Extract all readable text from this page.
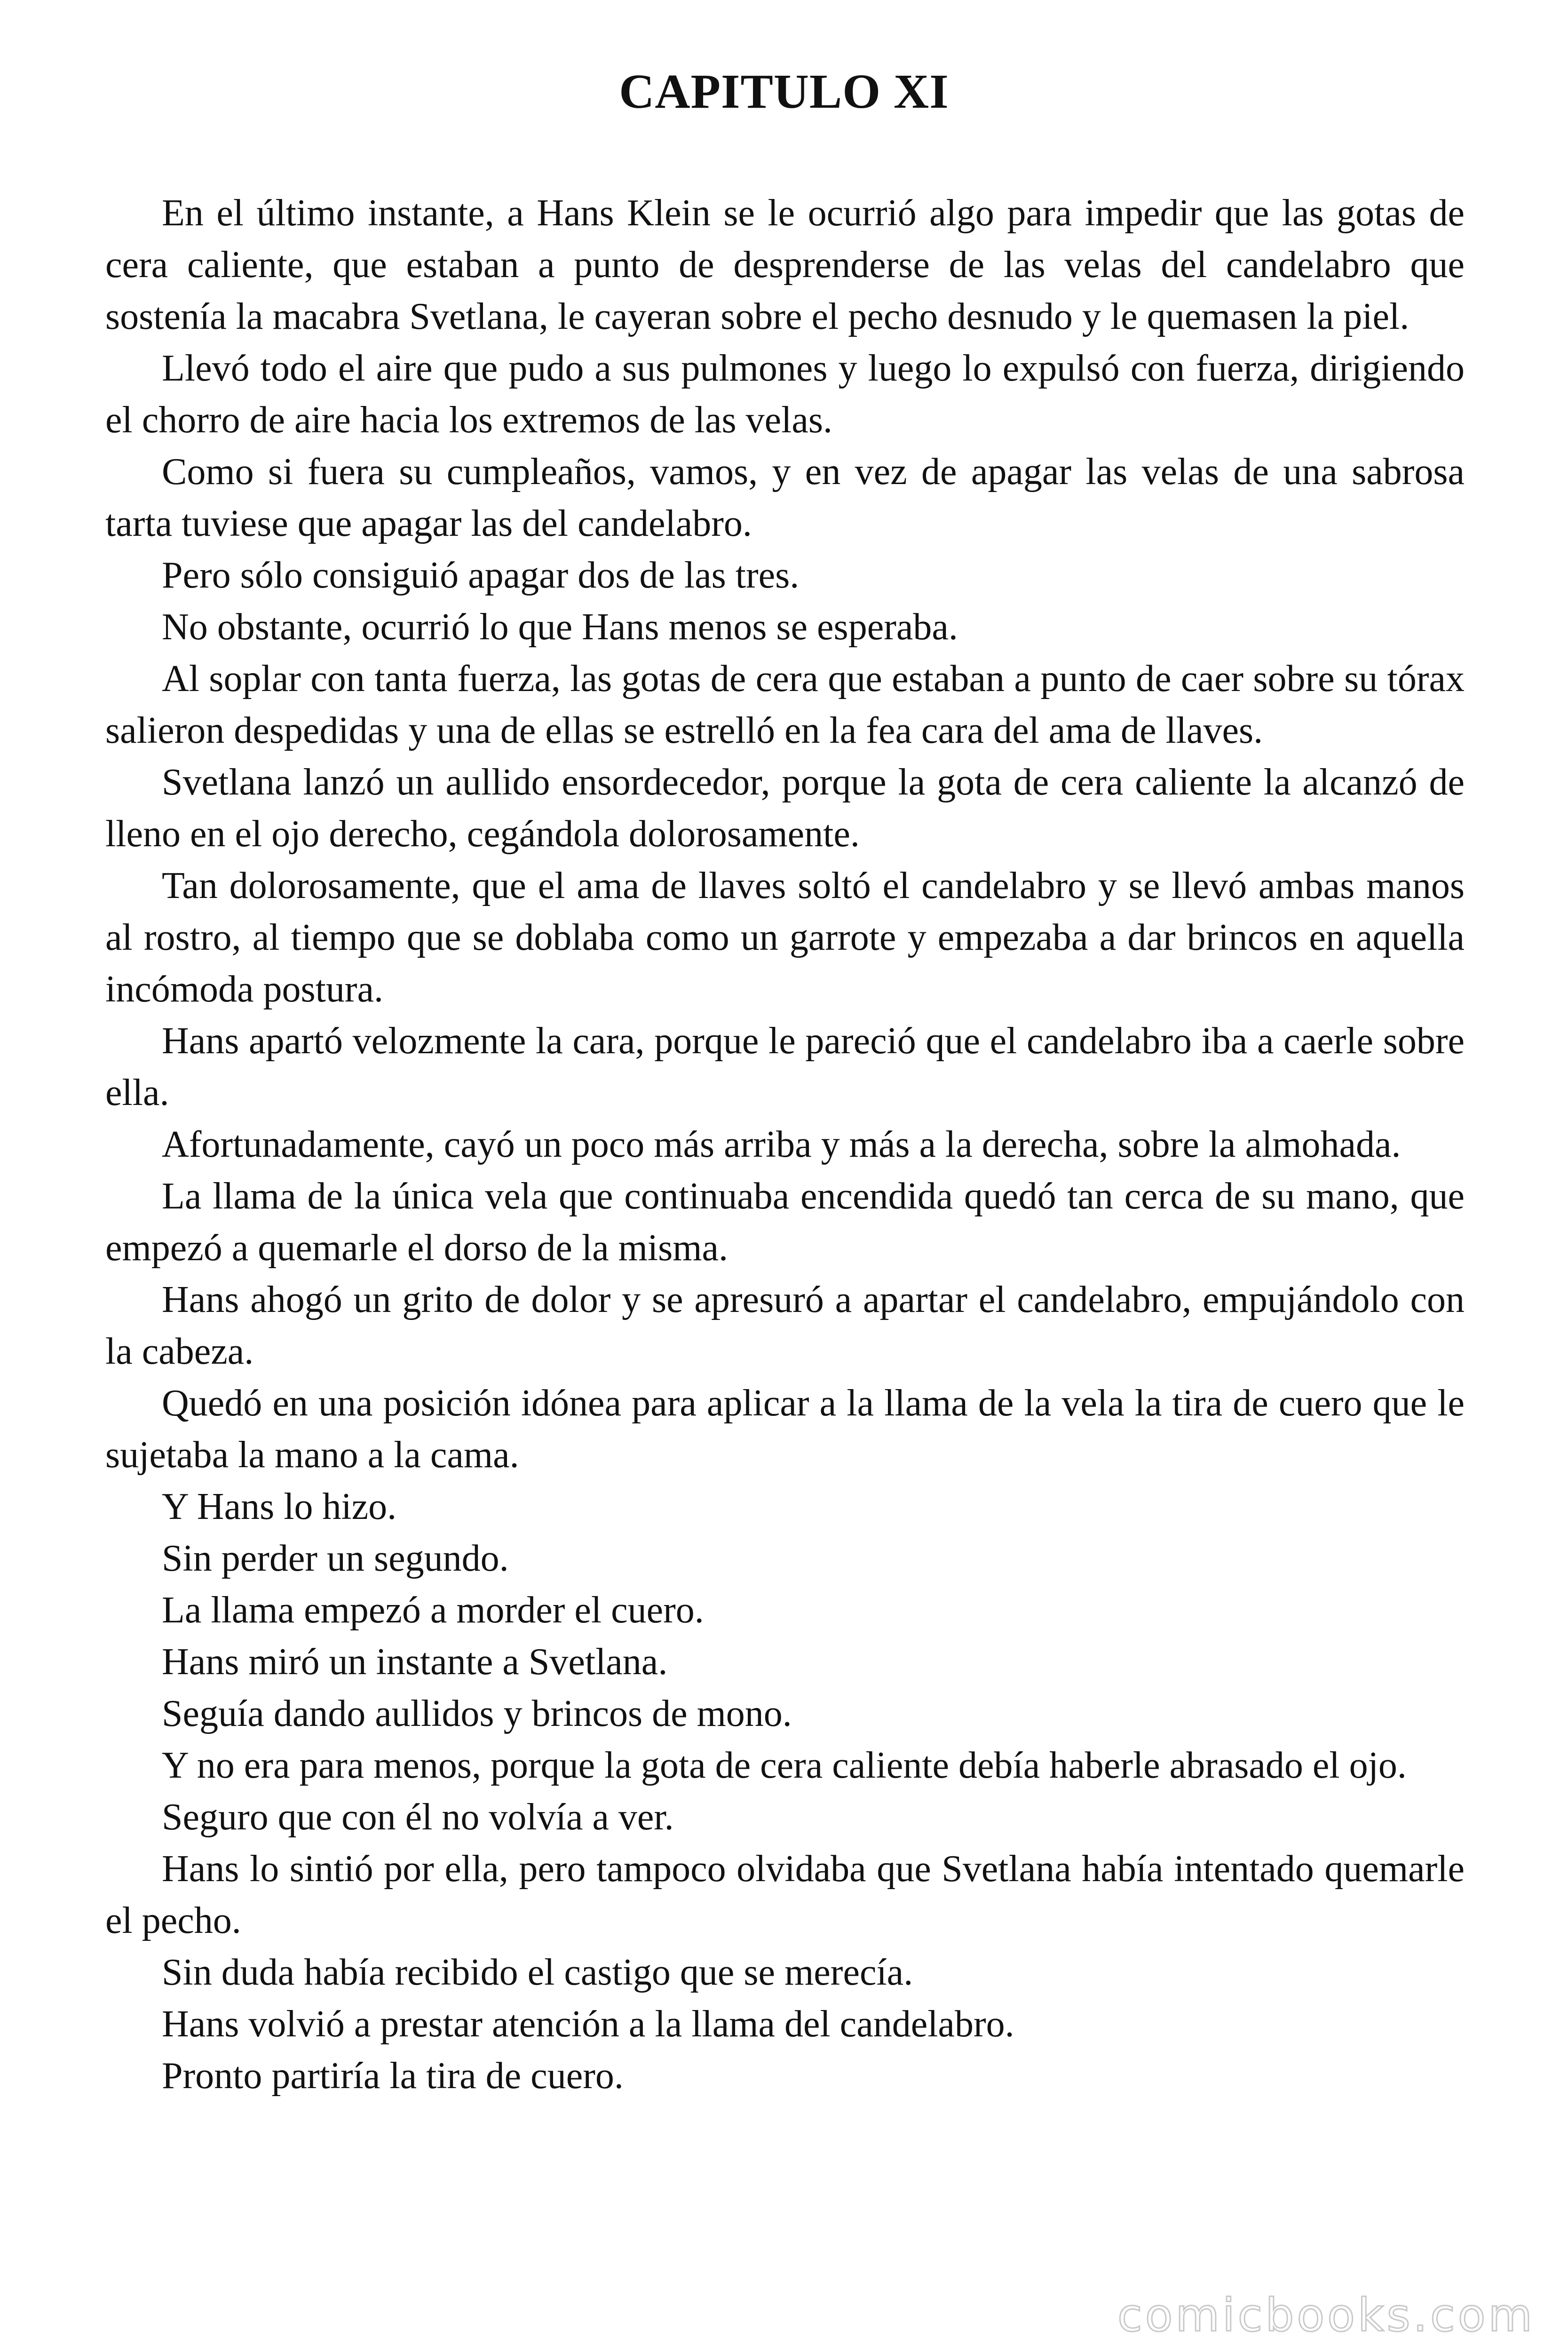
CAPITULO XI

En el último instante, a Hans Klein se le ocurrió algo para impedir que las gotas de cera caliente, que estaban a punto de desprenderse de las velas del candelabro que sostenía la macabra Svetlana, le cayeran sobre el pecho desnudo y le quemasen la piel.

Llevó todo el aire que pudo a sus pulmones y luego lo expulsó con fuerza, dirigiendo el chorro de aire hacia los extremos de las velas.

Como si fuera su cumpleaños, vamos, y en vez de apagar las velas de una sabrosa tarta tuviese que apagar las del candelabro.

Pero sólo consiguió apagar dos de las tres.

No obstante, ocurrió lo que Hans menos se esperaba.

Al soplar con tanta fuerza, las gotas de cera que estaban a punto de caer sobre su tórax salieron despedidas y una de ellas se estrelló en la fea cara del ama de llaves.

Svetlana lanzó un aullido ensordecedor, porque la gota de cera caliente la alcanzó de lleno en el ojo derecho, cegándola dolorosamente.

Tan dolorosamente, que el ama de llaves soltó el candelabro y se llevó ambas manos al rostro, al tiempo que se doblaba como un garrote y empezaba a dar brincos en aquella incómoda postura.

Hans apartó velozmente la cara, porque le pareció que el candelabro iba a caerle sobre ella.

Afortunadamente, cayó un poco más arriba y más a la derecha, sobre la almohada.

La llama de la única vela que continuaba encendida quedó tan cerca de su mano, que empezó a quemarle el dorso de la misma.

Hans ahogó un grito de dolor y se apresuró a apartar el candelabro, empujándolo con la cabeza.

Quedó en una posición idónea para aplicar a la llama de la vela la tira de cuero que le sujetaba la mano a la cama.

Y Hans lo hizo.

Sin perder un segundo.

La llama empezó a morder el cuero.

Hans miró un instante a Svetlana.

Seguía dando aullidos y brincos de mono.

Y no era para menos, porque la gota de cera caliente debía haberle abrasado el ojo.

Seguro que con él no volvía a ver.

Hans lo sintió por ella, pero tampoco olvidaba que Svetlana había intentado quemarle el pecho.

Sin duda había recibido el castigo que se merecía.

Hans volvió a prestar atención a la llama del candelabro.

Pronto partiría la tira de cuero.

comicbooks.com
